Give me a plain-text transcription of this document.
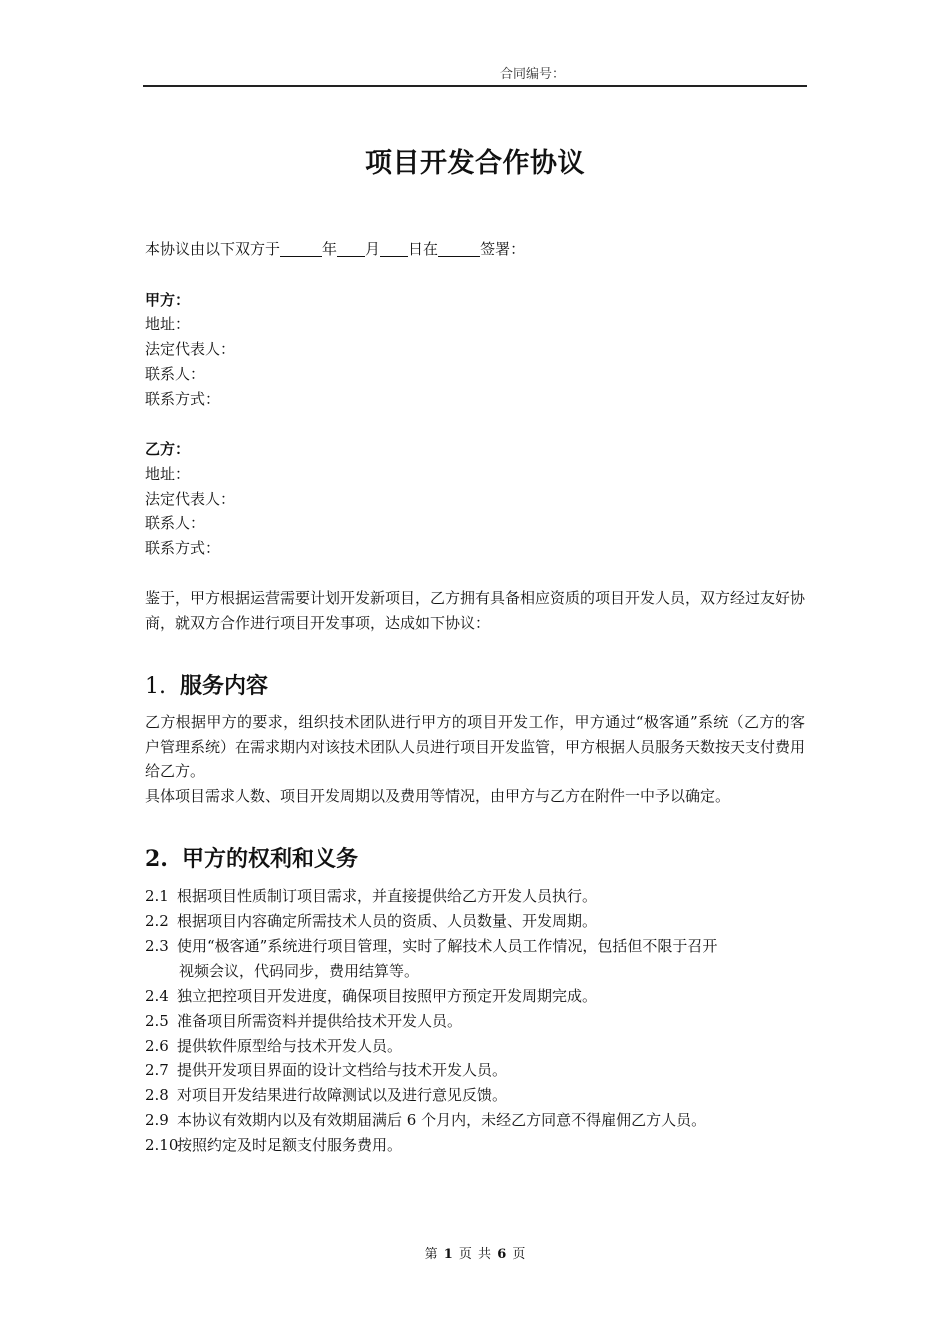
合同编号：
项目开发合作协议
本协议由以下双方于	年 月 日在	签署：
甲方：
地址：
法定代表人：
联系人：
联系方式：
乙方：
地址：
法定代表人：
联系人：
联系方式：
鉴于，甲方根据运营需要计划开发新项目，乙方拥有具备相应资质的项目开发人员，双方经过友好协商，就双方合作进行项目开发事项，达成如下协议：
1. 服务内容
乙方根据甲方的要求，组织技术团队进行甲方的项目开发工作，甲方通过“极客通”系统（乙方的客户管理系统）在需求期内对该技术团队人员进行项目开发监管，甲方根据人员服务天数按天支付费用给乙方。
具体项目需求人数、项目开发周期以及费用等情况，由甲方与乙方在附件一中予以确定。
2. 甲方的权利和义务
2.1 根据项目性质制订项目需求，并直接提供给乙方开发人员执行。
2.2 根据项目内容确定所需技术人员的资质、人员数量、开发周期。
2.3 使用“极客通”系统进行项目管理，实时了解技术人员工作情况，包括但不限于召开
视频会议，代码同步，费用结算等。
2.4 独立把控项目开发进度，确保项目按照甲方预定开发周期完成。
2.5 准备项目所需资料并提供给技术开发人员。
2.6 提供软件原型给与技术开发人员。
2.7 提供开发项目界面的设计文档给与技术开发人员。
2.8 对项目开发结果进行故障测试以及进行意见反馈。
2.9 本协议有效期内以及有效期届满后 6 个月内，未经乙方同意不得雇佣乙方人员。
2.10按照约定及时足额支付服务费用。
第 1 页 共 6 页
